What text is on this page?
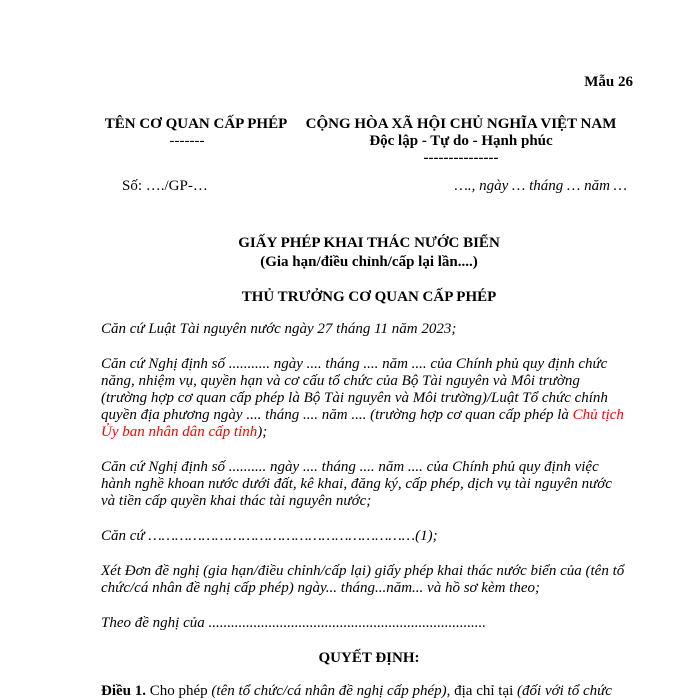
Mẫu 26
TÊN CƠ QUAN CẤP PHÉP
-------
CỘNG HÒA XÃ HỘI CHỦ NGHĨA VIỆT NAM
Độc lập - Tự do - Hạnh phúc
---------------
Số: …./GP-…	…., ngày … tháng … năm …
GIẤY PHÉP KHAI THÁC NƯỚC BIỂN
(Gia hạn/điều chỉnh/cấp lại lần....)
THỦ TRƯỞNG CƠ QUAN CẤP PHÉP
Căn cứ Luật Tài nguyên nước ngày 27 tháng 11 năm 2023;
Căn cứ Nghị định số ........... ngày .... tháng .... năm .... của Chính phủ quy định chức
năng, nhiệm vụ, quyền hạn và cơ cấu tổ chức của Bộ Tài nguyên và Môi trường
(trường hợp cơ quan cấp phép là Bộ Tài nguyên và Môi trường)/Luật Tổ chức chính
quyền địa phương ngày .... tháng .... năm .... (trường hợp cơ quan cấp phép là Chủ tịch
Ủy ban nhân dân cấp tỉnh);
Căn cứ Nghị định số .......... ngày .... tháng .... năm .... của Chính phủ quy định việc
hành nghề khoan nước dưới đất, kê khai, đăng ký, cấp phép, dịch vụ tài nguyên nước
và tiền cấp quyền khai thác tài nguyên nước;
Căn cứ ……………………………………………………(1);
Xét Đơn đề nghị (gia hạn/điều chỉnh/cấp lại) giấy phép khai thác nước biển của (tên tổ
chức/cá nhân đề nghị cấp phép) ngày... tháng...năm... và hồ sơ kèm theo;
Theo đề nghị của ..........................................................................
QUYẾT ĐỊNH:
Điều 1. Cho phép (tên tổ chức/cá nhân đề nghị cấp phép), địa chỉ tại (đối với tổ chức
